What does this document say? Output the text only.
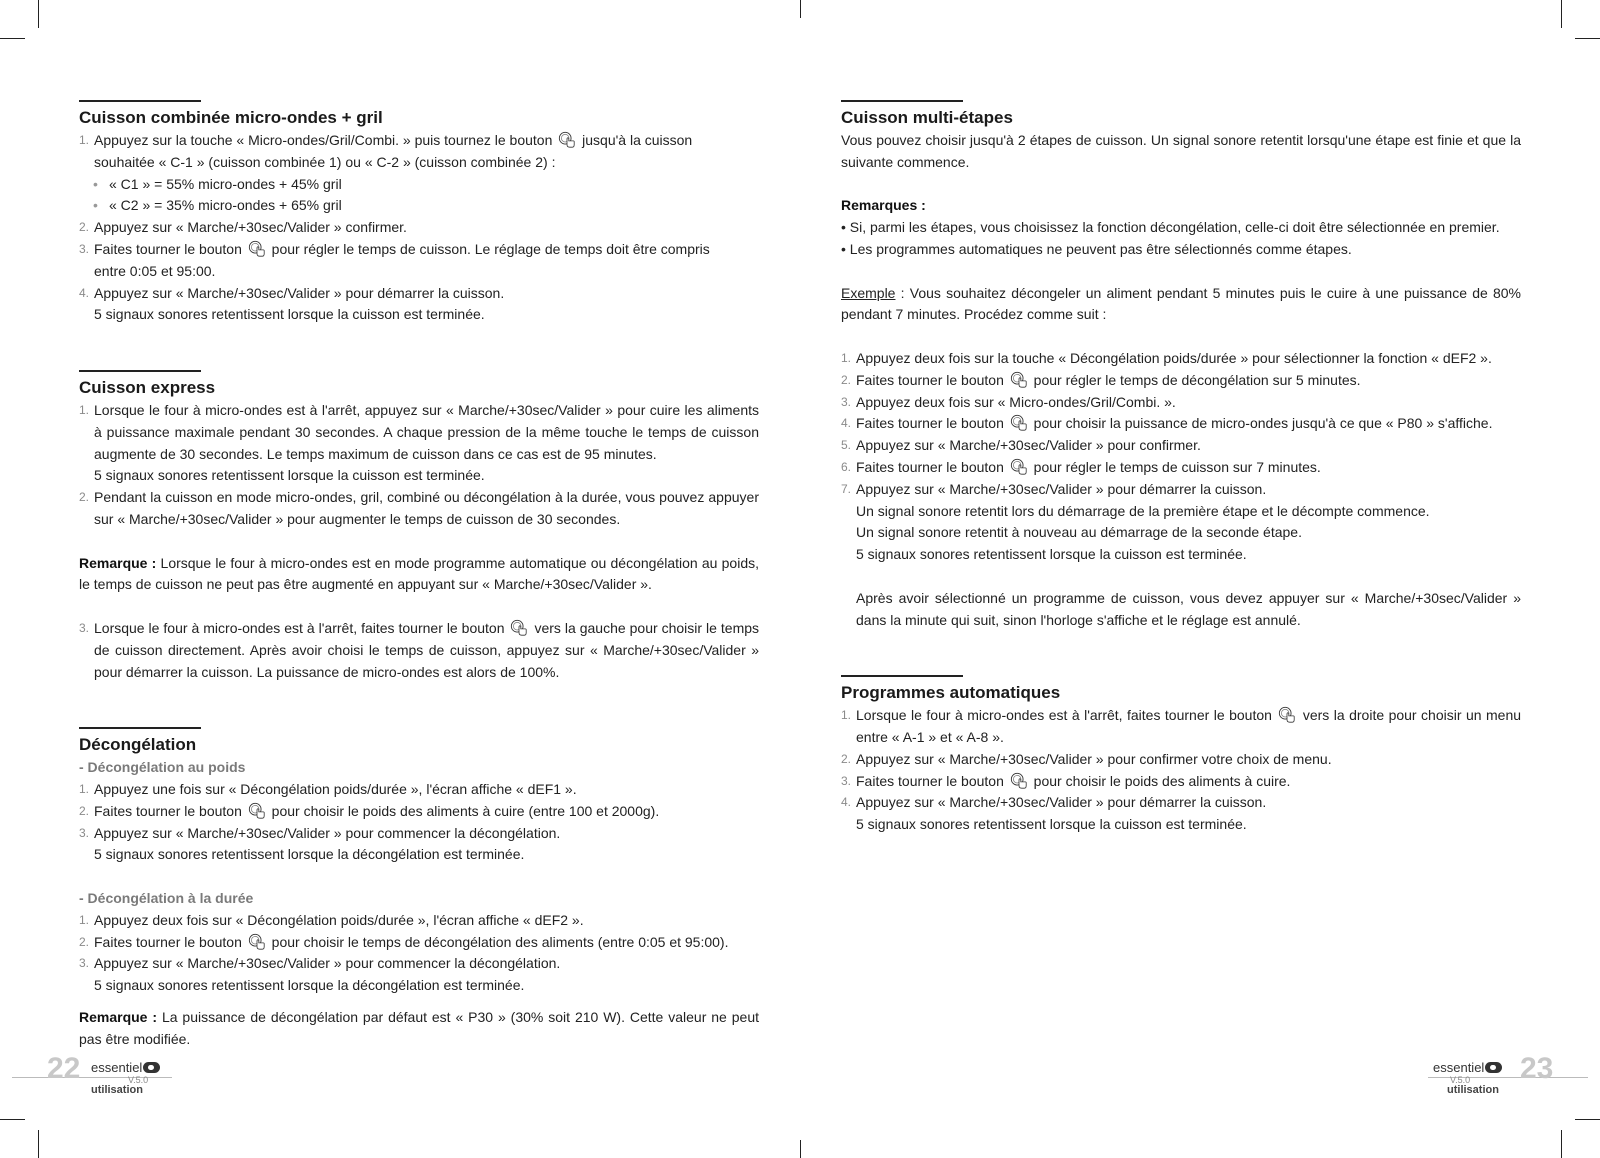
Cuisson combinée micro-ondes + gril
1. Appuyez sur la touche « Micro-ondes/Gril/Combi. » puis tournez le bouton jusqu'à la cuisson
souhaitée « C-1 » (cuisson combinée 1) ou « C-2 » (cuisson combinée 2) :
• « C1 » = 55% micro-ondes + 45% gril
• « C2 » = 35% micro-ondes + 65% gril
2. Appuyez sur « Marche/+30sec/Valider » confirmer.
3. Faites tourner le bouton pour régler le temps de cuisson. Le réglage de temps doit être compris
entre 0:05 et 95:00.
4. Appuyez sur « Marche/+30sec/Valider » pour démarrer la cuisson.
5 signaux sonores retentissent lorsque la cuisson est terminée.
Cuisson express
1. Lorsque le four à micro-ondes est à l'arrêt, appuyez sur « Marche/+30sec/Valider » pour cuire les aliments à puissance maximale pendant 30 secondes. A chaque pression de la même touche le temps de cuisson augmente de 30 secondes. Le temps maximum de cuisson dans ce cas est de 95 minutes.
5 signaux sonores retentissent lorsque la cuisson est terminée.
2. Pendant la cuisson en mode micro-ondes, gril, combiné ou décongélation à la durée, vous pouvez appuyer sur « Marche/+30sec/Valider » pour augmenter le temps de cuisson de 30 secondes.
Remarque : Lorsque le four à micro-ondes est en mode programme automatique ou décongélation au poids, le temps de cuisson ne peut pas être augmenté en appuyant sur « Marche/+30sec/Valider ».
3. Lorsque le four à micro-ondes est à l'arrêt, faites tourner le bouton vers la gauche pour choisir le temps de cuisson directement. Après avoir choisi le temps de cuisson, appuyez sur « Marche/+30sec/Valider » pour démarrer la cuisson. La puissance de micro-ondes est alors de 100%.
Décongélation
- Décongélation au poids
1. Appuyez une fois sur « Décongélation poids/durée », l'écran affiche « dEF1 ».
2. Faites tourner le bouton pour choisir le poids des aliments à cuire (entre 100 et 2000g).
3. Appuyez sur « Marche/+30sec/Valider » pour commencer la décongélation.
5 signaux sonores retentissent lorsque la décongélation est terminée.
- Décongélation à la durée
1. Appuyez deux fois sur « Décongélation poids/durée », l'écran affiche « dEF2 ».
2. Faites tourner le bouton pour choisir le temps de décongélation des aliments (entre 0:05 et 95:00).
3. Appuyez sur « Marche/+30sec/Valider » pour commencer la décongélation.
5 signaux sonores retentissent lorsque la décongélation est terminée.
Remarque : La puissance de décongélation par défaut est « P30 » (30% soit 210 W). Cette valeur ne peut pas être modifiée.
Cuisson multi-étapes
Vous pouvez choisir jusqu'à 2 étapes de cuisson. Un signal sonore retentit lorsqu'une étape est finie et que la suivante commence.
Remarques :
• Si, parmi les étapes, vous choisissez la fonction décongélation, celle-ci doit être sélectionnée en premier.
• Les programmes automatiques ne peuvent pas être sélectionnés comme étapes.
Exemple : Vous souhaitez décongeler un aliment pendant 5 minutes puis le cuire à une puissance de 80% pendant 7 minutes. Procédez comme suit :
1. Appuyez deux fois sur la touche « Décongélation poids/durée » pour sélectionner la fonction « dEF2 ».
2. Faites tourner le bouton pour régler le temps de décongélation sur 5 minutes.
3. Appuyez deux fois sur « Micro-ondes/Gril/Combi. ».
4. Faites tourner le bouton pour choisir la puissance de micro-ondes jusqu'à ce que « P80 » s'affiche.
5. Appuyez sur « Marche/+30sec/Valider » pour confirmer.
6. Faites tourner le bouton pour régler le temps de cuisson sur 7 minutes.
7. Appuyez sur « Marche/+30sec/Valider » pour démarrer la cuisson.
Un signal sonore retentit lors du démarrage de la première étape et le décompte commence.
Un signal sonore retentit à nouveau au démarrage de la seconde étape.
5 signaux sonores retentissent lorsque la cuisson est terminée.
Après avoir sélectionné un programme de cuisson, vous devez appuyer sur « Marche/+30sec/Valider » dans la minute qui suit, sinon l'horloge s'affiche et le réglage est annulé.
Programmes automatiques
1. Lorsque le four à micro-ondes est à l'arrêt, faites tourner le bouton vers la droite pour choisir un menu entre « A-1 » et « A-8 ».
2. Appuyez sur « Marche/+30sec/Valider » pour confirmer votre choix de menu.
3. Faites tourner le bouton pour choisir le poids des aliments à cuire.
4. Appuyez sur « Marche/+30sec/Valider » pour démarrer la cuisson.
5 signaux sonores retentissent lorsque la cuisson est terminée.
22 essentiel
V.5.0
utilisation
essentiel
V.5.0
utilisation
23
